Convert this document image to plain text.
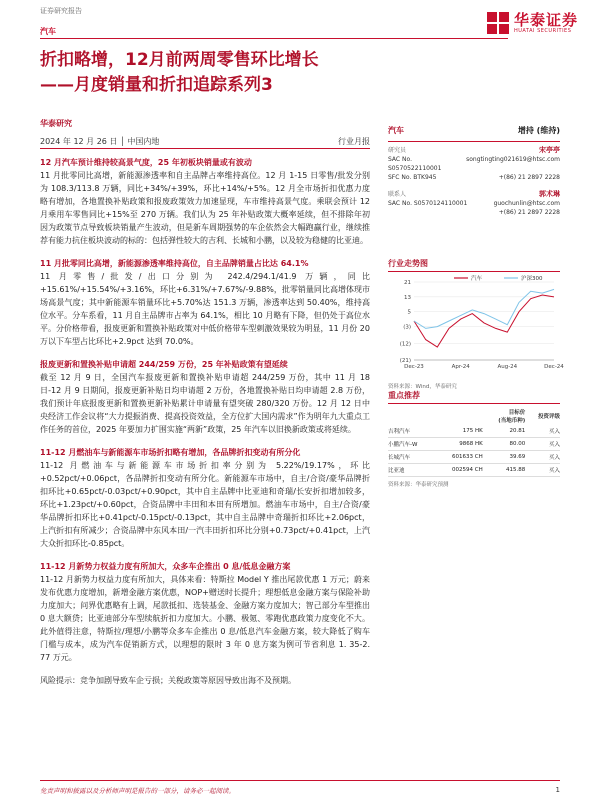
证券研究报告	华泰证券
HUATAI SECURITIES
汽车
折扣略增，12月前两周零售环比增长
——月度销量和折扣追踪系列3
华泰研究
2024 年 12 月 26 日 │ 中国内地	行业月报
12 月汽车预计维持较高景气度，25 年初板块销量或有波动
11 月批零同比高增，新能源渗透率和自主品牌占率维持高位。12 月 1-15 日零售/批发分别为 108.3/113.8 万辆，同比+34%/+39%，环比+14%/+5%。12 月全市场折扣优惠力度略有增加，各地置换补贴政策和报废政策效力加速显现，车市维持高景气度。乘联会预计 12 月乘用车零售同比+15%至 270 万辆。我们认为 25 年补贴政策大概率延续，但不排除年初因为政策节点导致板块销量产生波动，但是新车周期强势的车企依然会大幅跑赢行业，继续推荐有能力抗住板块波动的标的：包括弹性较大的吉利、长城和小鹏，以及较为稳健的比亚迪。
11 月批零同比高增，新能源渗透率维持高位，自主品牌销量占比达 64.1%
11 月零售/批发/出口分别为 242.4/294.1/41.9 万辆，同比+15.61%/+15.54%/+3.16%，环比+6.31%/+7.67%/-9.88%，批零销量同比高增体现市场高景气度；其中新能源车销量环比+5.70%达 151.3 万辆，渗透率达到 50.40%，维持高位水平。分车系看，11 月自主品牌市占率为 64.1%，相比 10 月略有下降，但仍处于高位水平。分价格带看，报废更新和置换补贴政策对中低价格带车型刺激效果较为明显，11 月份 20 万以下车型占比环比+2.9pct 达到 70.0%。
报废更新和置换补贴申请超 244/259 万份，25 年补贴政策有望延续
截至 12 月 9 日，全国汽车报废更新和置换补贴申请超 244/259 万份，其中 11 月 18 日-12 月 9 日期间，报废更新补贴日均申请超 2 万份，各地置换补贴日均申请超 2.8 万份，我们预计年底报废更新和置换更新补贴累计申请量有望突破 280/320 万份。12 月 12 日中央经济工作会议将“大力提振消费、提高投资效益，全方位扩大国内需求”作为明年九大重点工作任务的首位，2025 年要加力扩围实施“两新”政策，25 年汽车以旧换新政策或将延续。
11-12 月燃油车与新能源车市场折扣略有增加，各品牌折扣变动有所分化
11-12 月燃油车与新能源车市场折扣率分别为 5.22%/19.17%，环比+0.52pct/+0.06pct，各品牌折扣变动有所分化。新能源车市场中，自主/合资/豪华品牌折扣环比+0.65pct/-0.03pct/+0.90pct，其中自主品牌中比亚迪和奇瑞/长安折扣增加较多，环比+1.23pct/+0.60pct，合资品牌中丰田和本田有所增加。燃油车市场中，自主/合资/豪华品牌折扣环比+0.41pct/-0.15pct/-0.13pct，其中自主品牌中奇瑞折扣环比+2.06pct，上汽折扣有所减少；合资品牌中东风本田/一汽丰田折扣环比分别+0.73pct/+0.41pct，上汽大众折扣环比-0.85pct。
11-12 月新势力权益力度有所加大，众多车企推出 0 息/低息金融方案
11-12 月新势力权益力度有所加大，具体来看：特斯拉 Model Y 推出尾款优惠 1 万元；蔚来发布优惠力度增加，新增金融方案优惠，NOP+赠送时长提升；理想低息金融方案与保险补助力度加大；问界优惠略有上调，尾款抵扣、选装基金、金融方案力度加大；智己部分车型推出 0 息大额贷；比亚迪部分车型续航折扣力度加大。小鹏、极氪、零跑优惠政策力度变化不大。此外值得注意，特斯拉/理想/小鹏等众多车企推出 0 息/低息汽车金融方案，较大降低了购车门槛与成本，成为汽车促销新方式，以理想的限时 3 年 0 息方案为例可节省利息 1. 35-2. 77 万元。
风险提示：竞争加剧导致车企亏损；关税政策等原因导致出海不及预期。
汽车	增持 (维持)
研究员	宋亭亭
SAC No. S0570522110001
songtingting021619@htsc.com
SFC No. BTK945	+(86) 21 2897 2228
联系人	郭术琳
SAC No. S0570124110001	guochunlin@htsc.com
+(86) 21 2897 2228
行业走势图
21
13
5
(3)
(12)
(21)
Dec-23	Apr-24	Aug-24	Dec-24
汽车	沪深300
资料来源：Wind，华泰研究
重点推荐

		目标价
(当地币种)	投资评级
吉利汽车	175 HK	20.81	买入
小鹏汽车-W	9868 HK	80.00	买入
长城汽车	601633 CH	39.69	买入
比亚迪	002594 CH	415.88	买入
资料来源：华泰研究预测
免责声明和披露以及分析师声明是报告的一部分，请务必一起阅读。	1
